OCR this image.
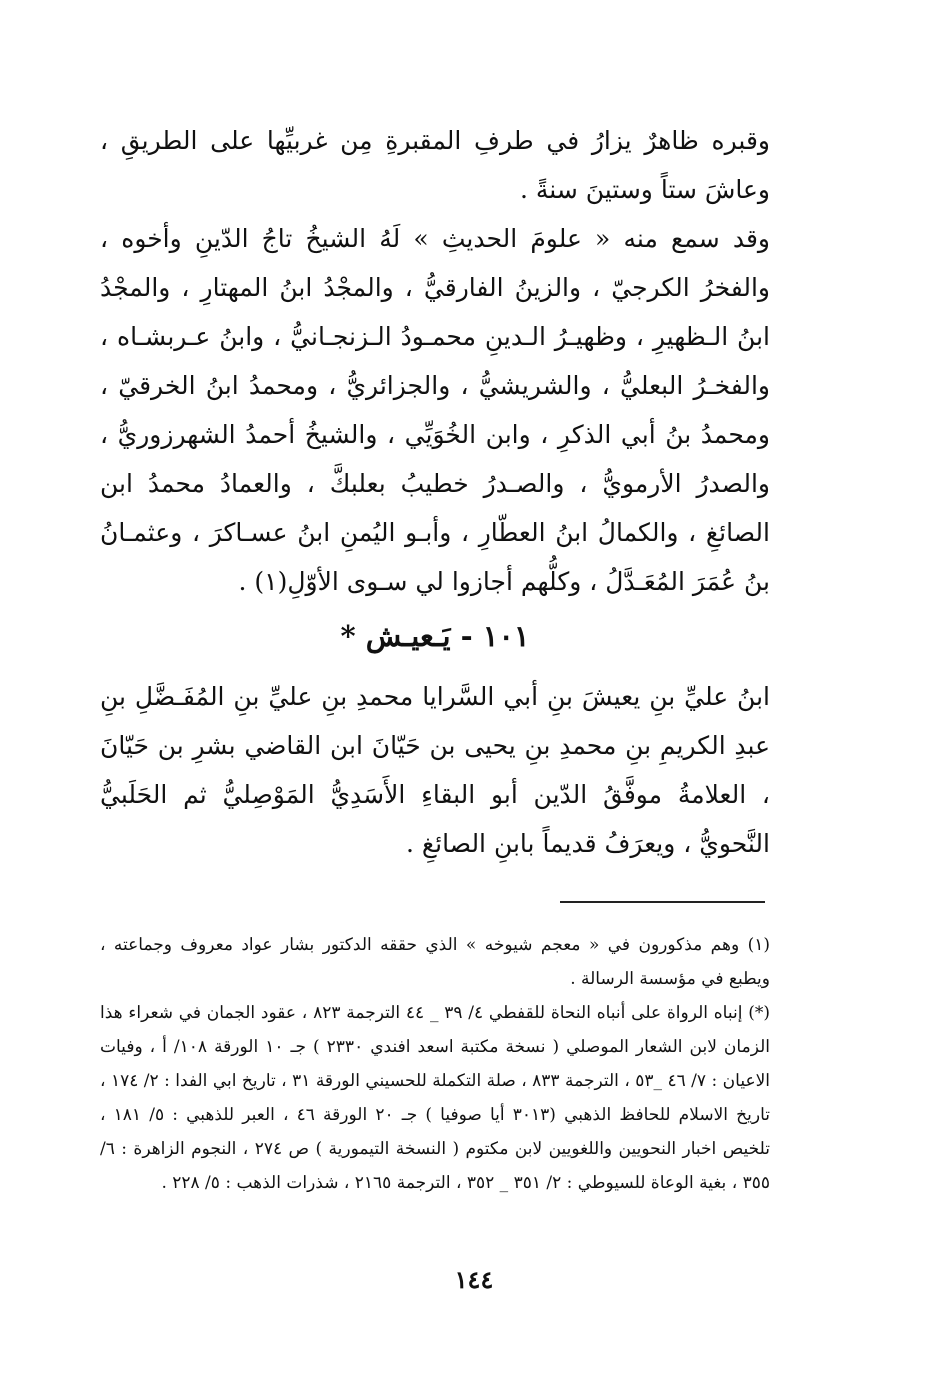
وقبره ظاهرٌ يزارُ في طرفِ المقبرةِ مِن غربيِّها على الطريقِ ، وعاشَ ستاً وستينَ سنةً .

وقد سمع منه « علومَ الحديثِ » لَهُ الشيخُ تاجُ الدّينِ وأخوه ، والفخرُ الكرجيّ ، والزينُ الفارقيُّ ، والمجْدُ ابنُ المهتارِ ، والمجْدُ ابنُ الـظهيرِ ، وظهيـرُ الـدينِ محمـودُ الـزنجـانيُّ ، وابنُ عـربشـاه ، والفخـرُ البعليُّ ، والشريشيُّ ، والجزائريُّ ، ومحمدُ ابنُ الخرقيّ ، ومحمدُ بنُ أبي الذكرِ ، وابن الخُوَيِّي ، والشيخُ أحمدُ الشهرزوريُّ ، والصدرُ الأرمويُّ ، والصـدرُ خطيبُ بعلبكَّ ، والعمادُ محمدُ ابن الصائغِ ، والكمالُ ابنُ العطّارِ ، وأبـو اليُمنِ ابنُ عسـاكرَ ، وعثمـانُ بنُ عُمَرَ المُعَـدَّلُ ، وكلُّهم أجازوا لي سـوى الأوّلِ(١) .

١٠١ - يَـعيـش *

ابنُ عليِّ بنِ يعيشَ بنِ أبي السَّرايا محمدِ بنِ عليِّ بنِ المُفَـضَّلِ بنِ عبدِ الكريمِ بنِ محمدِ بنِ يحيى بن حَيّانَ ابن القاضي بشرِ بن حَيّانَ ، العلامةُ موفَّقُ الدّين أبو البقاءِ الأَسَدِيُّ المَوْصِليُّ ثم الحَلَبيُّ النَّحويُّ ، ويعرَفُ قديماً بابنِ الصائغِ .

(١) وهم مذكورون في « معجم شيوخه » الذي حققه الدكتور بشار عواد معروف وجماعته ، ويطبع في مؤسسة الرسالة .

(*) إنباه الرواة على أنباه النحاة للقفطي ٤/ ٣٩ _ ٤٤ الترجمة ٨٢٣ ، عقود الجمان في شعراء هذا الزمان لابن الشعار الموصلي ( نسخة مكتبة اسعد افندي ٢٣٣٠ ) جـ ١٠ الورقة ١٠٨/ أ ، وفيات الاعيان : ٧/ ٤٦ _٥٣ ، الترجمة ٨٣٣ ، صلة التكملة للحسيني الورقة ٣١ ، تاريخ ابي الفدا : ٢/ ١٧٤ ، تاريخ الاسلام للحافظ الذهبي (٣٠١٣ أيا صوفيا ) جـ ٢٠ الورقة ٤٦ ، العبر للذهبي : ٥/ ١٨١ ، تلخيص اخبار النحويين واللغويين لابن مكتوم ( النسخة التيمورية ) ص ٢٧٤ ، النجوم الزاهرة : ٦/ ٣٥٥ ، بغية الوعاة للسيوطي : ٢/ ٣٥١ _ ٣٥٢ ، الترجمة ٢١٦٥ ، شذرات الذهب : ٥/ ٢٢٨ .

١٤٤
